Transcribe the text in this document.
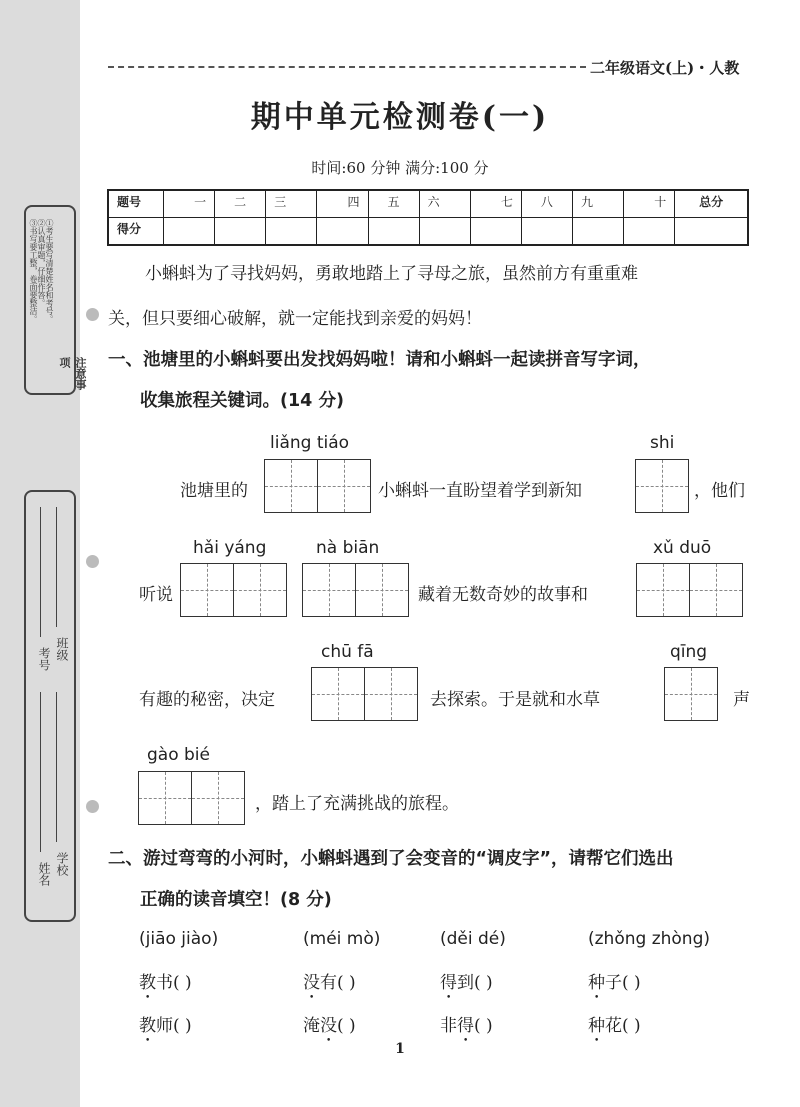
注意事项
①考生要写清楚姓名和考号。
②认真审题，仔细作答。
③书写要工整，卷面要整洁。
班级
考号
学校
姓名
二年级语文(上)・人教
期中单元检测卷(一)
时间:60 分钟 满分:100 分
题号	一	二	三	四	五	六	七	八	九	十	总分
得分											
小蝌蚪为了寻找妈妈，勇敢地踏上了寻母之旅，虽然前方有重重难
关，但只要细心破解，就一定能找到亲爱的妈妈！
一、池塘里的小蝌蚪要出发找妈妈啦！请和小蝌蚪一起读拼音写字词，
收集旅程关键词。(14 分)
liǎng tiáo	shi
池塘里的	小蝌蚪一直盼望着学到新知	，他们
hǎi yáng	nà biān	xǔ duō
听说	藏着无数奇妙的故事和
chū fā	qīng
有趣的秘密，决定	去探索。于是就和水草	声
gào bié
，踏上了充满挑战的旅程。
二、游过弯弯的小河时，小蝌蚪遇到了会变音的“调皮字”，请帮它们选出
正确的读音填空！(8 分)
(jiāo jiào)	(méi mò)	(děi dé)	(zhǒng zhòng)
教书( )	没有( )	得到( )	种子( )
教师( )	淹没( )	非得( )	种花( )
1
